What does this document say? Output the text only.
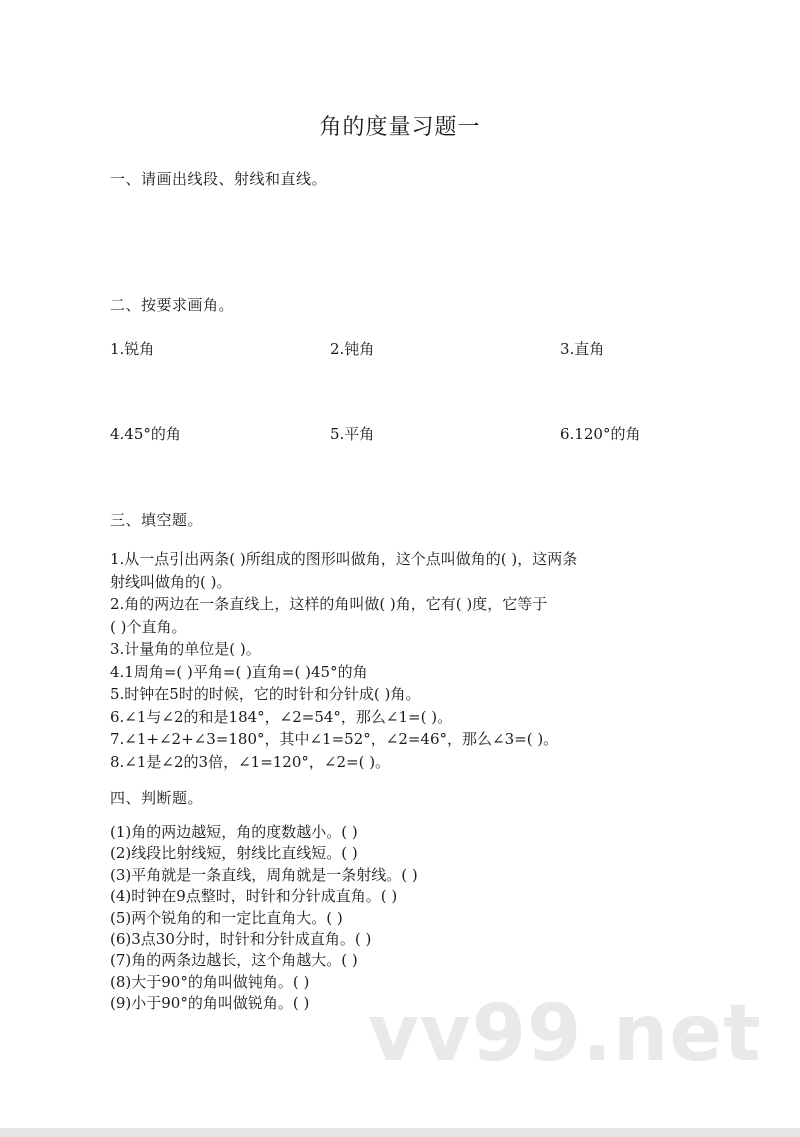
角的度量习题一
一、请画出线段、射线和直线。
二、按要求画角。
1.锐角	2.钝角	3.直角
4.45°的角	5.平角	6.120°的角
三、填空题。
1.从一点引出两条( )所组成的图形叫做角，这个点叫做角的( )，这两条
射线叫做角的( )。
2.角的两边在一条直线上，这样的角叫做( )角，它有( )度，它等于
( )个直角。
3.计量角的单位是( )。
4.1周角=( )平角=( )直角=( )45°的角
5.时钟在5时的时候，它的时针和分针成( )角。
6.∠1与∠2的和是184°，∠2=54°，那么∠1=( )。
7.∠1+∠2+∠3=180°，其中∠1=52°，∠2=46°，那么∠3=( )。
8.∠1是∠2的3倍，∠1=120°，∠2=( )。
四、判断题。
(1)角的两边越短，角的度数越小。( )
(2)线段比射线短，射线比直线短。( )
(3)平角就是一条直线，周角就是一条射线。( )
(4)时钟在9点整时，时针和分针成直角。( )
(5)两个锐角的和一定比直角大。( )
(6)3点30分时，时针和分针成直角。( )
(7)角的两条边越长，这个角越大。( )
(8)大于90°的角叫做钝角。( )
(9)小于90°的角叫做锐角。( ) vv99.net
